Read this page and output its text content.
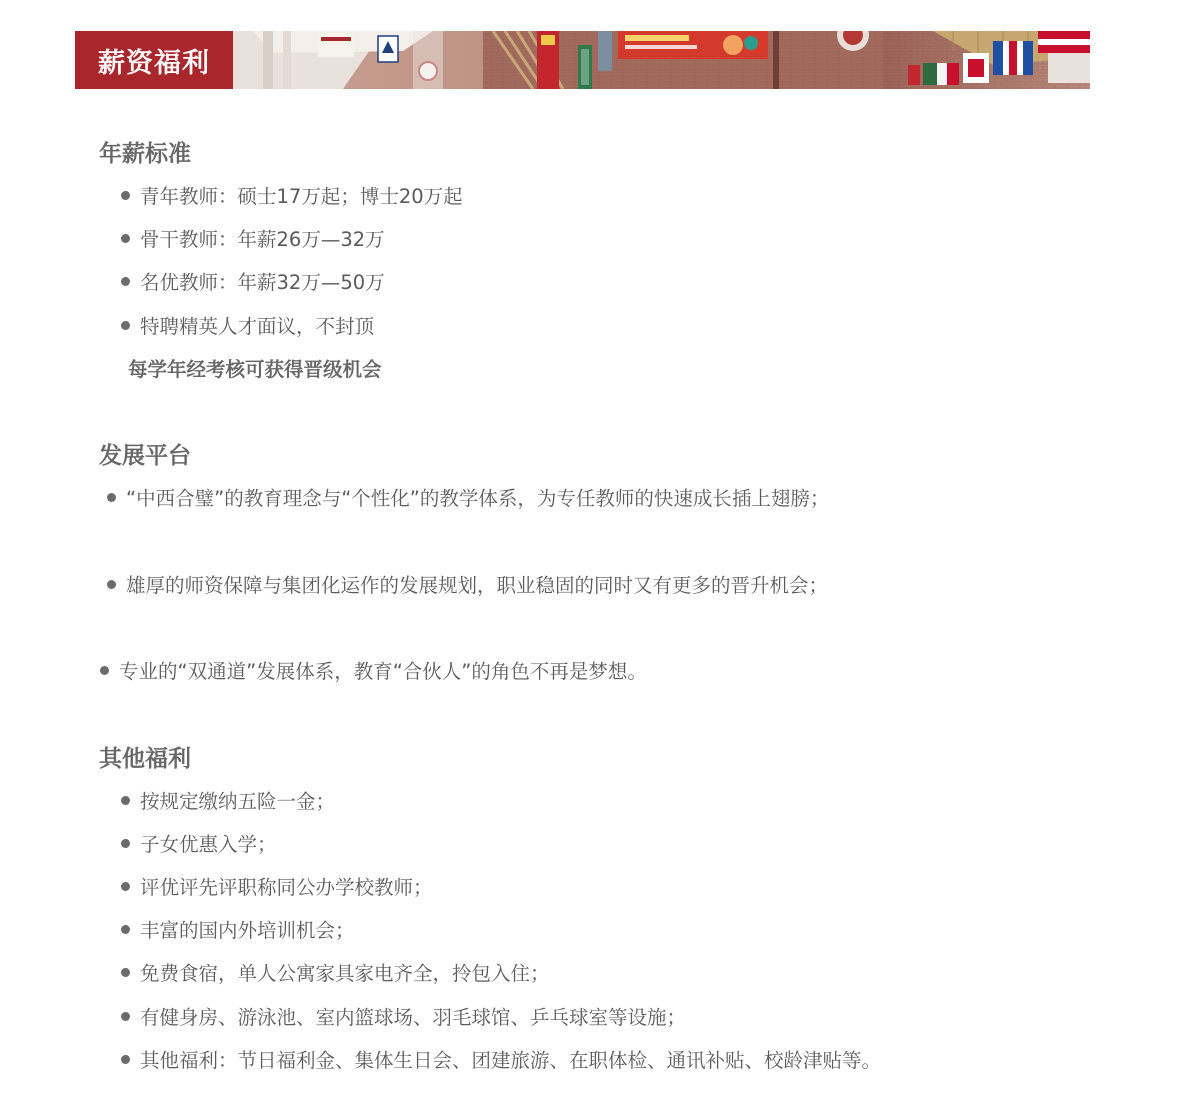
薪资福利
年薪标准
青年教师：硕士17万起；博士20万起
骨干教师：年薪26万—32万
名优教师：年薪32万—50万
特聘精英人才面议，不封顶
每学年经考核可获得晋级机会
发展平台
“中西合璧”的教育理念与“个性化”的教学体系，为专任教师的快速成长插上翅膀；
雄厚的师资保障与集团化运作的发展规划，职业稳固的同时又有更多的晋升机会；
专业的“双通道”发展体系，教育“合伙人”的角色不再是梦想。
其他福利
按规定缴纳五险一金；
子女优惠入学；
评优评先评职称同公办学校教师；
丰富的国内外培训机会；
免费食宿，单人公寓家具家电齐全，拎包入住；
有健身房、游泳池、室内篮球场、羽毛球馆、乒乓球室等设施；
其他福利：节日福利金、集体生日会、团建旅游、在职体检、通讯补贴、校龄津贴等。
